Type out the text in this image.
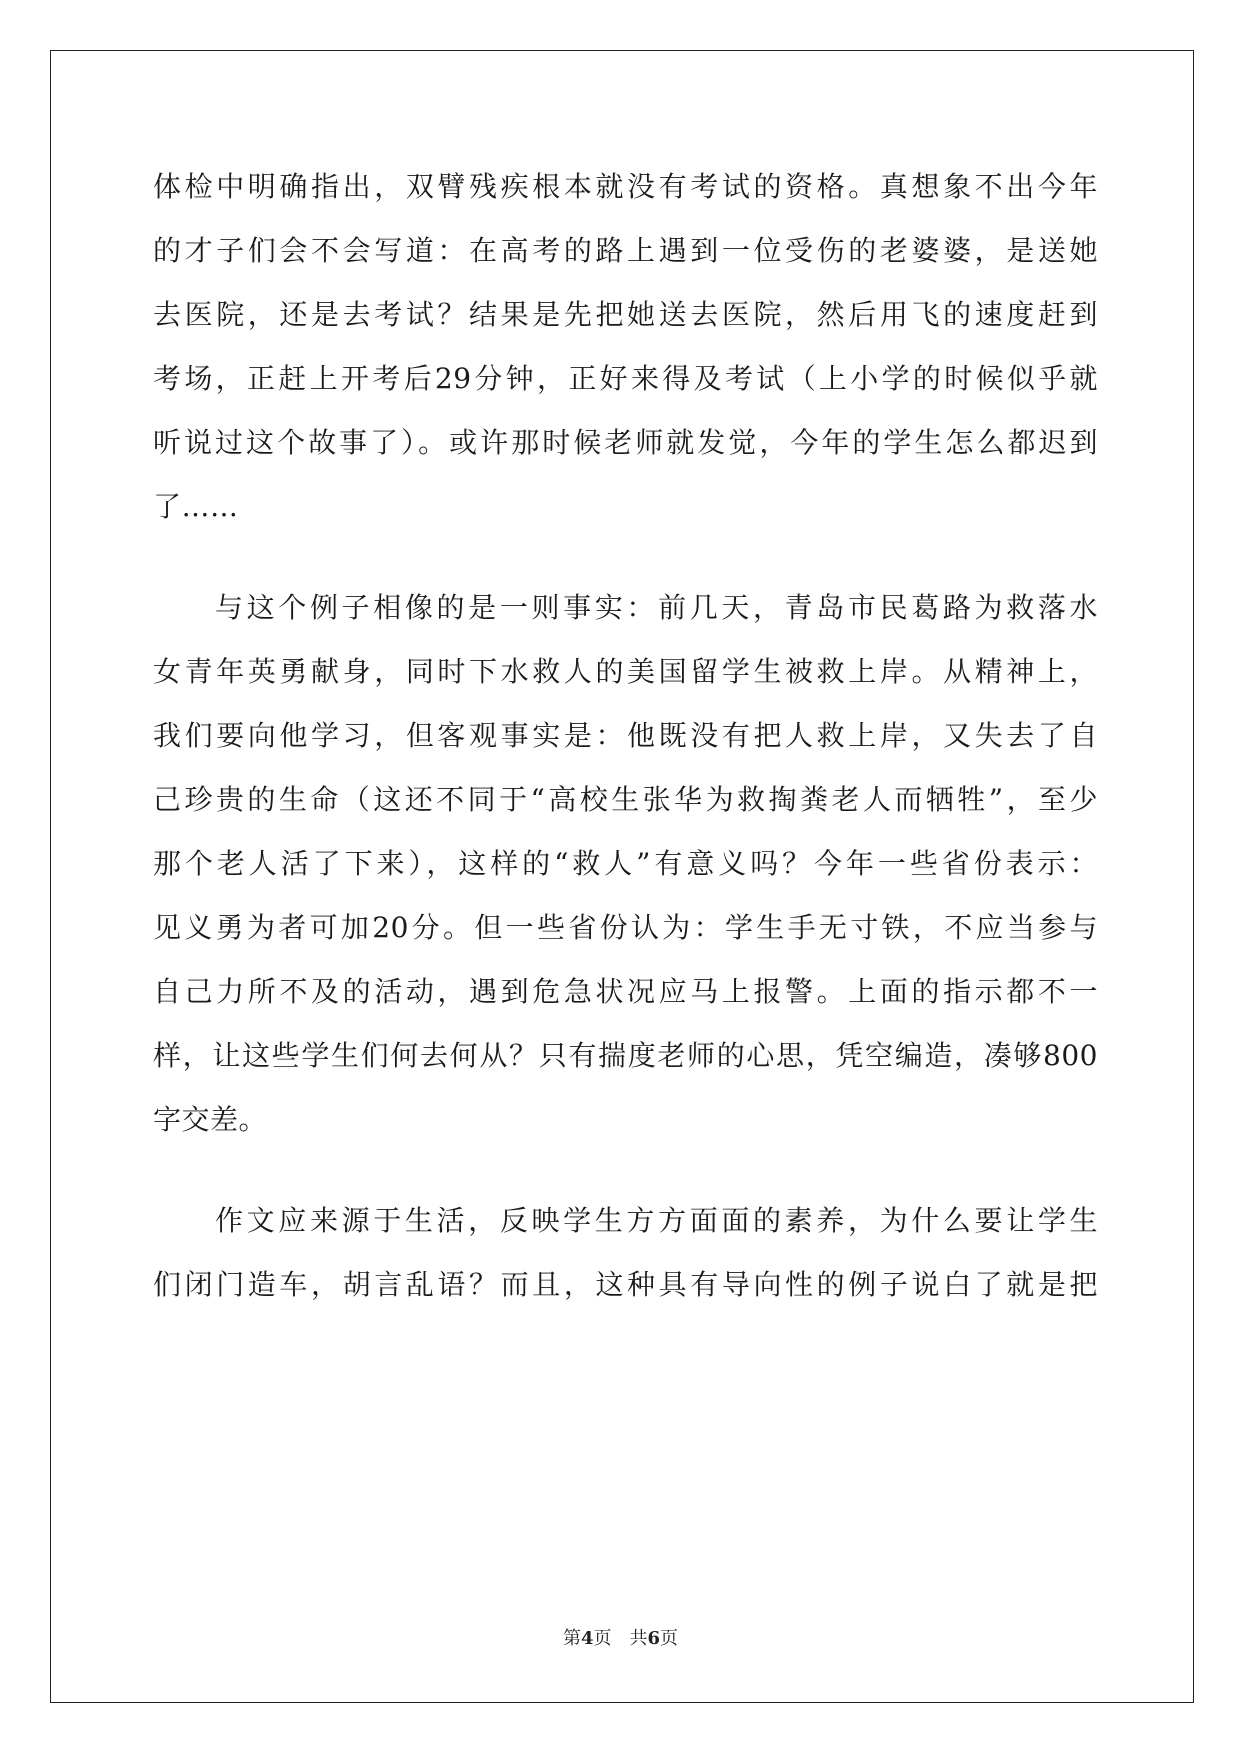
体检中明确指出，双臂残疾根本就没有考试的资格。真想象不出今年
的才子们会不会写道：在高考的路上遇到一位受伤的老婆婆，是送她
去医院，还是去考试？结果是先把她送去医院，然后用飞的速度赶到
考场，正赶上开考后29分钟，正好来得及考试（上小学的时候似乎就
听说过这个故事了）。或许那时候老师就发觉，今年的学生怎么都迟到
了……
与这个例子相像的是一则事实：前几天，青岛市民葛路为救落水
女青年英勇献身，同时下水救人的美国留学生被救上岸。从精神上，
我们要向他学习，但客观事实是：他既没有把人救上岸，又失去了自
己珍贵的生命（这还不同于“高校生张华为救掏粪老人而牺牲”，至少
那个老人活了下来），这样的“救人”有意义吗？今年一些省份表示：
见义勇为者可加20分。但一些省份认为：学生手无寸铁，不应当参与
自己力所不及的活动，遇到危急状况应马上报警。上面的指示都不一
样，让这些学生们何去何从？只有揣度老师的心思，凭空编造，凑够800
字交差。
作文应来源于生活，反映学生方方面面的素养，为什么要让学生
们闭门造车，胡言乱语？而且，这种具有导向性的例子说白了就是把
第4页 共6页
